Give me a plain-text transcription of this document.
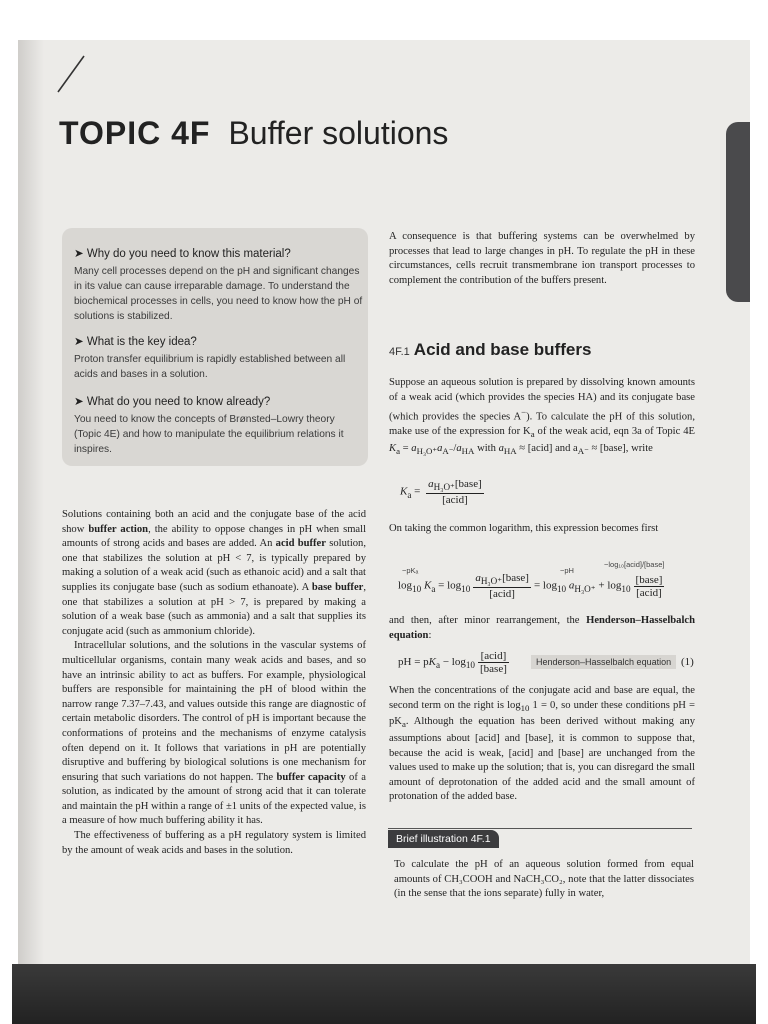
TOPIC 4F Buffer solutions
➤ Why do you need to know this material?
Many cell processes depend on the pH and significant changes in its value can cause irreparable damage. To understand the biochemical processes in cells, you need to know how the pH of solutions is stabilized.
➤ What is the key idea?
Proton transfer equilibrium is rapidly established between all acids and bases in a solution.
➤ What do you need to know already?
You need to know the concepts of Brønsted–Lowry theory (Topic 4E) and how to manipulate the equilibrium relations it inspires.

Solutions containing both an acid and the conjugate base of the acid show buffer action, the ability to oppose changes in pH when small amounts of strong acids and bases are added. An acid buffer solution, one that stabilizes the solution at pH < 7, is typically prepared by making a solution of a weak acid (such as ethanoic acid) and a salt that supplies its conjugate base (such as sodium ethanoate). A base buffer, one that stabilizes a solution at pH > 7, is prepared by making a solution of a weak base (such as ammonia) and a salt that supplies its conjugate acid (such as ammonium chloride).

Intracellular solutions, and the solutions in the vascular systems of multicellular organisms, contain many weak acids and bases, and so have an intrinsic ability to act as buffers. For example, physiological buffers are responsible for maintaining the pH of blood within the narrow range 7.37–7.43, and values outside this range are diagnostic of certain metabolic disorders. The control of pH is important because the conformations of proteins and the mechanisms of enzyme catalysis often depend on it. It follows that variations in pH are potentially disruptive and buffering by biological solutions is one mechanism for ensuring that such variations do not happen. The buffer capacity of a solution, as indicated by the amount of strong acid that it can tolerate and maintain the pH within a range of ±1 units of the expected value, is a measure of how much buffering ability it has.

The effectiveness of buffering as a pH regulatory system is limited by the amount of weak acids and bases in the solution.

A consequence is that buffering systems can be overwhelmed by processes that lead to large changes in pH. To regulate the pH in these circumstances, cells recruit transmembrane ion transport processes to complement the contribution of the buffers present.
4F.1 Acid and base buffers
Suppose an aqueous solution is prepared by dissolving known amounts of a weak acid (which provides the species HA) and its conjugate base (which provides the species A−). To calculate the pH of this solution, make use of the expression for $K_a$ of the weak acid, eqn 3a of Topic 4E $K_a = a_{H_3O^+}a_{A^-}/a_{HA}$ with $a_{HA}$ ≈ [acid] and $a_{A^-}$ ≈ [base], write
$K_a = \frac{a_{H_3O^+}[base]}{\text{[acid]}}$
On taking the common logarithm, this expression becomes first
−pKₐ	−pH
−log₁₀[acid]/[base]
$\log_{10} K_a = \log_{10} \frac{a_{H_3O^+}[base]}{\text{[acid]}} = \log_{10} a_{H_3O^+} + \log_{10} \frac{\text{[base]}}{\text{[acid]}}$
and then, after minor rearrangement, the Henderson–Hasselbalch equation:
pH = $pK_a - \log_{10} \frac{\text{[acid]}}{\text{[base]}}$	Henderson–Hasselbalch equation (1)
When the concentrations of the conjugate acid and base are equal, the second term on the right is $\log_{10} 1 = 0$, so under these conditions pH = $pK_a$. Although the equation has been derived without making any assumptions about [acid] and [base], it is common to suppose that, because the acid is weak, [acid] and [base] are unchanged from the values used to make up the solution; that is, you can disregard the small amount of deprotonation of the added acid and the small amount of protonation of the added base.
Brief illustration 4F.1
To calculate the pH of an aqueous solution formed from equal amounts of CH₃COOH and NaCH₃CO₂, note that the latter dissociates (in the sense that the ions separate) fully in water,
